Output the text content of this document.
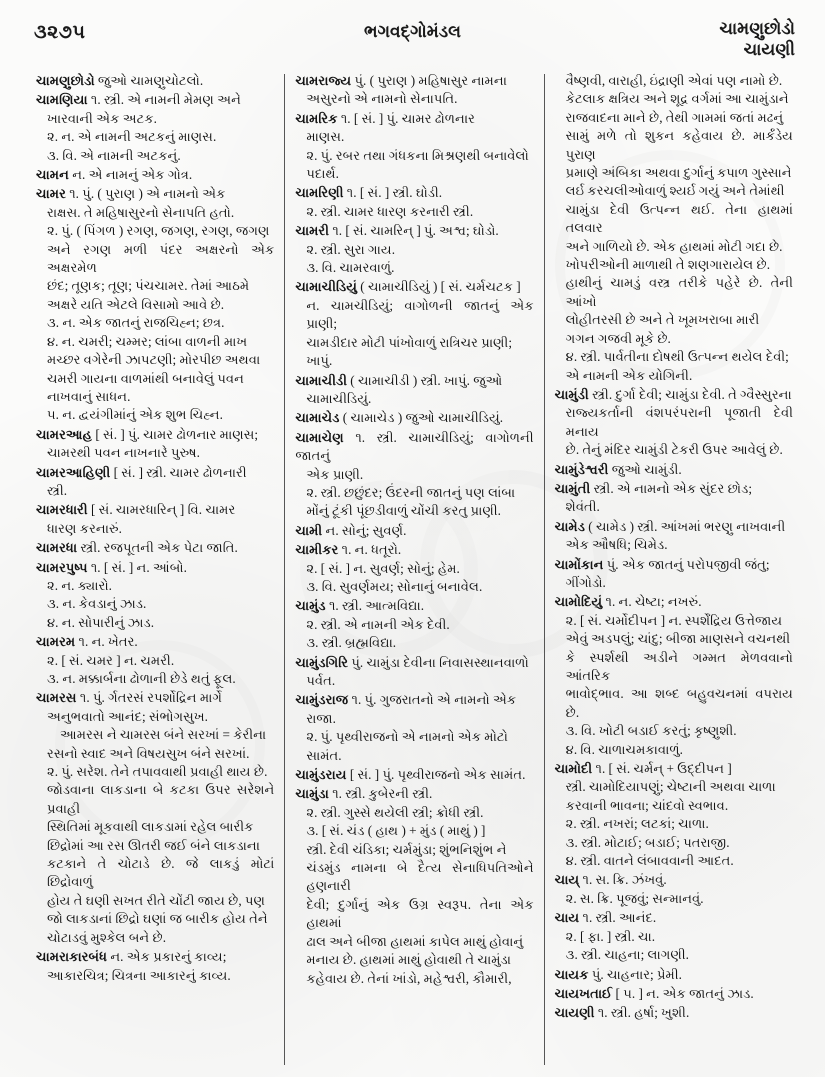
૩૨૭૫	ભગવદ્ગોમંડલ	ચામણુછોડો
ચાયણી

ચામણુછોડો જુઓ ચામણુચોટલો.

ચામણિયા ૧. સ્ત્રી. એ નામની મેમણ અને

ખારવાની એક અટક.

૨. ન. એ નામની અટકનું માણસ.

૩. વિ. એ નામની અટકનું.

ચામન ન. એ નામનું એક ગોત્ર.

ચામર ૧. પું. ( પુરાણ ) એ નામનો એક

રાક્ષસ. તે મહિષાસુરનો સેનાપતિ હતો.

૨. પું. ( પિંગળ ) રગણ, જગણ, રગણ, જગણ

અને રગણ મળી પંદર અક્ષરનો એક અક્ષરમેળ

છંદ; તૂણક; તૂણ; પંચચામર. તેમાં આઠમે

અક્ષરે યતિ એટલે વિસામો આવે છે.

૩. ન. એક જાતનું રાજચિહ્ન; છત્ર.

૪. ન. ચમરી; ચમ્મર; લાંબા વાળની માખ

મચ્છર વગેરેની ઝાપટણી; મોરપીછ અથવા

ચમરી ગાયના વાળમાંથી બનાવેલું પવન

નાખવાનું સાધન.

૫. ન. દ્વયંગીમાંનું એક શુભ ચિહ્ન.

ચામરઆહ [ સં. ] પું. ચામર ઢોળનાર માણસ;

ચામરથી પવન નાખનારે પુરુષ.

ચામરઆહિણી [ સં. ] સ્ત્રી. ચામર ઢોળનારી

સ્ત્રી.

ચામરધારી [ સં. ચામરધારિન્ ] વિ. ચામર

ધારણ કરનારું.

ચામરધા સ્ત્રી. રજપૂતની એક પેટા જાતિ.

ચામરપુષ્પ ૧. [ સં. ] ન. આંબો.

૨. ન. ક્યારો.

૩. ન. કેવડાનું ઝાડ.

૪. ન. સોપારીનું ઝાડ.

ચામરમ ૧. ન. ખેતર.

૨. [ સં. ચમર ] ન. ચમરી.

૩. ન. મક્કાર્બના ઢોળાની છેડે થતું ફૂલ.

ચામરસ ૧. પું. ર્ગતરસં રપર્શોદ્રિન માર્ગે

અનુભવાતો આનંદ; સંભોગસુખ.

આમરસ ને ચામરસ બંને સરખાં = કેરીના

રસનો સ્વાદ અને વિષયસુખ બંને સરખાં.

૨. પું. સરેશ. તેને તપાવવાથી પ્રવાહી થાય છે.

જોડવાના લાકડાના બે કટકા ઉપર સરેશને પ્રવાહી

સ્થિતિમાં મૂકવાથી લાકડામાં રહેલ બારીક

છિદ્રોમાં આ રસ ઊતરી જઈ બંને લાકડાના

કટકાને તે ચોટાડે છે. જે લાકડું મોટાં છિદ્રોવાળું

હોય તે ઘણી સખત રીતે ચોંટી જાય છે, પણ

જો લાકડાનાં છિદ્રો ઘણાં જ બારીક હોય તેને

ચોટાડવું મુશ્કેલ બને છે.

ચામરાકારબંધ ન. એક પ્રકારનું કાવ્ય;

આકારચિત્ર; ચિત્રના આકારનું કાવ્ય.

ચામરાજ્ય પું. ( પુરાણ ) મહિષાસુર નામના

અસુરનો એ નામનો સેનાપતિ.

ચામરિક ૧. [ સં. ] પું. ચામર ઢોળનાર

માણસ.

૨. પું. રબર તથા ગંધકના મિશ્રણથી બનાવેલો

પદાર્થ.

ચામરિણી ૧. [ સં. ] સ્ત્રી. ઘોડી.

૨. સ્ત્રી. ચામર ધારણ કરનારી સ્ત્રી.

ચામરી ૧. [ સં. ચામરિન્ ] પું. અશ્વ; ઘોડો.

૨. સ્ત્રી. સુરા ગાય.

૩. વિ. ચામરવાળું.

ચામાચીડિયું ( ચામાચીડિયું ) [ સં. ચર્મચટક ]

ન. ચામચીડિયું; વાગોળની જાતનું એક પ્રાણી;

ચામડીદાર મોટી પાંખોવાળું રાત્રિચર પ્રાણી;

ખાપું.

ચામાચીડી ( ચામાચીડી ) સ્ત્રી. ખાપું. જુઓ

ચામાચીડિયું.

ચામાચેડ ( ચામાચેડ ) જુઓ ચામાચીડિયું.

ચામાચેણ ૧. સ્ત્રી. ચામાચીડિયું; વાગોળની જાતનું

એક પ્રાણી.

૨. સ્ત્રી. છછુંદર; ઉંદરની જાતનું પણ લાંબા

મોંનું ટૂંકી પૂંછડીવાળું ચોંચી કરતુ પ્રાણી.

ચામી ન. સોનું; સુવર્ણ.

ચામીકર ૧. ન. ધતૂરો.

૨. [ સં. ] ન. સુવર્ણ; સોનું; હેમ.

૩. વિ. સુવર્ણમય; સોનાનું બનાવેલ.

ચામુંડ ૧. સ્ત્રી. આત્મવિદ્યા.

૨. સ્ત્રી. એ નામની એક દેવી.

૩. સ્ત્રી. બ્રહ્મવિદ્યા.

ચામુંડગિરિ પું. ચામુંડા દેવીના નિવાસસ્થાનવાળો

પર્વત.

ચામુંડરાજ ૧. પું. ગુજરાતનો એ નામનો એક

રાજા.

૨. પું. પૃથ્વીરાજનો એ નામનો એક મોટો

સામંત.

ચામુંડરાય [ સં. ] પું. પૃથ્વીરાજનો એક સામંત.

ચામુંડા ૧. સ્ત્રી. કુબેરની સ્ત્રી.

૨. સ્ત્રી. ગુસ્સે થયેલી સ્ત્રી; ક્રોધી સ્ત્રી.

૩. [ સં. ચંડ ( હાથ ) + મુંડ ( માથું ) ]

સ્ત્રી. દેવી ચંડિકા; ચર્મમુંડા; શુંભનિશુંભ ને

ચંડમુંડ નામના બે દૈત્ય સેનાધિપતિઓને હણનારી

દેવી; દુર્ગાનું એક ઉગ્ર સ્વરૂપ. તેના એક હાથમાં

ઢાલ અને બીજા હાથમાં કાપેલ માથું હોવાનું

મનાય છે. હાથમાં માથું હોવાથી તે ચામુંડા

કહેવાય છે. તેનાં ખાંડો, મહેશ્વરી, કૌમારી,

વૈષ્ણવી, વારાહી, ઇંદ્રાણી એવાં પણ નામો છે.

કેટલાક ક્ષત્રિય અને શૂદ્ર વર્ગમાં આ ચામુંડાને

રાજવાદના માને છે, તેથી ગામમાં જતાં મઢનું

સામું મળે તો શુકન કહેવાય છે. માર્કંડેય પુરાણ

પ્રમાણે અંબિકા અથવા દુર્ગાનું કપાળ ગુસ્સાને

લર્ઇ કરચલીઓવાળું શ્યર્ઇ ગયું અને તેમાંથી

ચામુંડા દેવી ઉત્પન્ન થઈ. તેના હાથમાં તલવાર

અને ગાળિયો છે. એક હાથમાં મોટી ગદા છે.

ખોપરીઓની માળાથી તે શણગારાયેલ છે.

હાથીનું ચામડું વસ્ત્ર તરીકે પહેરે છે. તેની આંખો

લોહીતરસી છે અને તે ખૂમખરાબા મારી

ગગન ગજવી મૂકે છે.

૪. સ્ત્રી. પાર્વતીના દોષથી ઉત્પન્ન થયેલ દેવી;

એ નામની એક યોગિની.

ચામુંડી સ્ત્રી. દુર્ગા દેવી; ચામુંડા દેવી. તે ગ્વૈસ્સુરના

રાજ્યકર્તાની વંશપરંપરાની પૂજાતી દેવી મનાય

છે. તેનું મંદિર ચામુંડી ટેકરી ઉપર આવેલું છે.

ચામુંડેશ્વરી જુઓ ચામુંડી.

ચામુંતી સ્ત્રી. એ નામનો એક સુંદર છોડ;

શેવંતી.

ચામેડ ( ચામેડ ) સ્ત્રી. આંખમાં ભરણુ નાખવાની

એક ઔષધિ; ચિમેડ.

ચામોંકાન પું. એક જાતનું પરોપજીવી જંતુ;

ગીંગોડો.

ચામોદિયું ૧. ન. ચેષ્ટા; નખરું.

૨. [ સં. ચર્મોદીપન ] ન. સ્પર્શેંદ્રિય ઉત્તેજાય

એવું અડપલું; ચાંદુ; બીજા માણસને વચનથી

કે સ્પર્શથી અડીને ગમ્મત મેળવવાનો આંતરિક

ભાવોદ્ભાવ. આ શબ્દ બહુવચનમાં વપરાય છે.

૩. વિ. ખોટી બડાઈ કરતું; કૃષ્ણુશી.

૪. વિ. ચાળાચમકાવાળું.

ચામોદી ૧. [ સં. ચર્મન્ + ઉદ્દીપન ]

સ્ત્રી. ચામોદિયાપણું; ચેષ્ટાની અથવા ચાળા

કરવાની ભાવના; ચાંદવો સ્વભાવ.

૨. સ્ત્રી. નખરાં; લટકાં; ચાળા.

૩. સ્ત્રી. મોટાઈ; બડાઈ; પતરાજી.

૪. સ્ત્રી. વાતને લંબાવવાની આદત.

ચાય્ ૧. સ. ક્રિ. ઝંખવું.

૨. સ. ક્રિ. પૂજવું; સન્માનવું.

ચાય ૧. સ્ત્રી. આનંદ.

૨. [ ફા. ] સ્ત્રી. ચા.

૩. સ્ત્રી. ચાહના; લાગણી.

ચાયક પું. ચાહનાર; પ્રેમી.

ચાયખતાઈ [ ૫. ] ન. એક જાતનું ઝાડ.

ચાયણી ૧. સ્ત્રી. હર્ષા; ખુશી.
